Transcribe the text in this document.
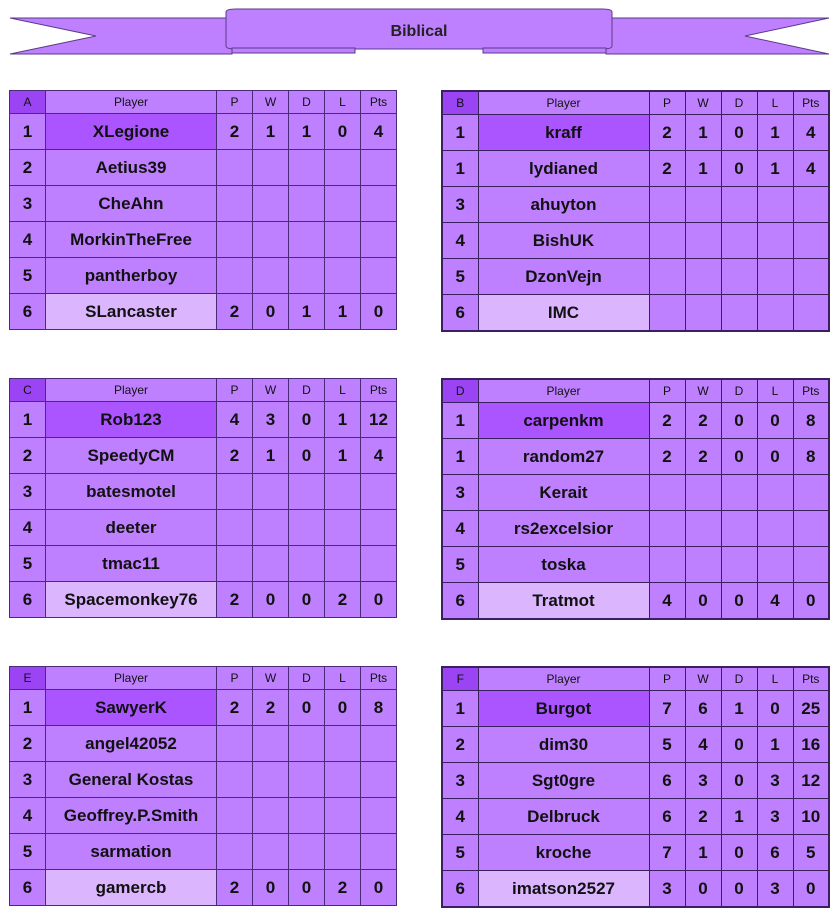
Biblical
A	Player	P	W	D	L	Pts
1	XLegione	2	1	1	0	4
2	Aetius39					
3	CheAhn					
4	MorkinTheFree					
5	pantherboy					
6	SLancaster	2	0	1	1	0
B	Player	P	W	D	L	Pts
1	kraff	2	1	0	1	4
1	lydianed	2	1	0	1	4
3	ahuyton					
4	BishUK					
5	DzonVejn					
6	IMC					
C	Player	P	W	D	L	Pts
1	Rob123	4	3	0	1	12
2	SpeedyCM	2	1	0	1	4
3	batesmotel					
4	deeter					
5	tmac11					
6	Spacemonkey76	2	0	0	2	0
D	Player	P	W	D	L	Pts
1	carpenkm	2	2	0	0	8
1	random27	2	2	0	0	8
3	Kerait					
4	rs2excelsior					
5	toska					
6	Tratmot	4	0	0	4	0
E	Player	P	W	D	L	Pts
1	SawyerK	2	2	0	0	8
2	angel42052					
3	General Kostas					
4	Geoffrey.P.Smith					
5	sarmation					
6	gamercb	2	0	0	2	0
F	Player	P	W	D	L	Pts
1	Burgot	7	6	1	0	25
2	dim30	5	4	0	1	16
3	Sgt0gre	6	3	0	3	12
4	Delbruck	6	2	1	3	10
5	kroche	7	1	0	6	5
6	imatson2527	3	0	0	3	0
